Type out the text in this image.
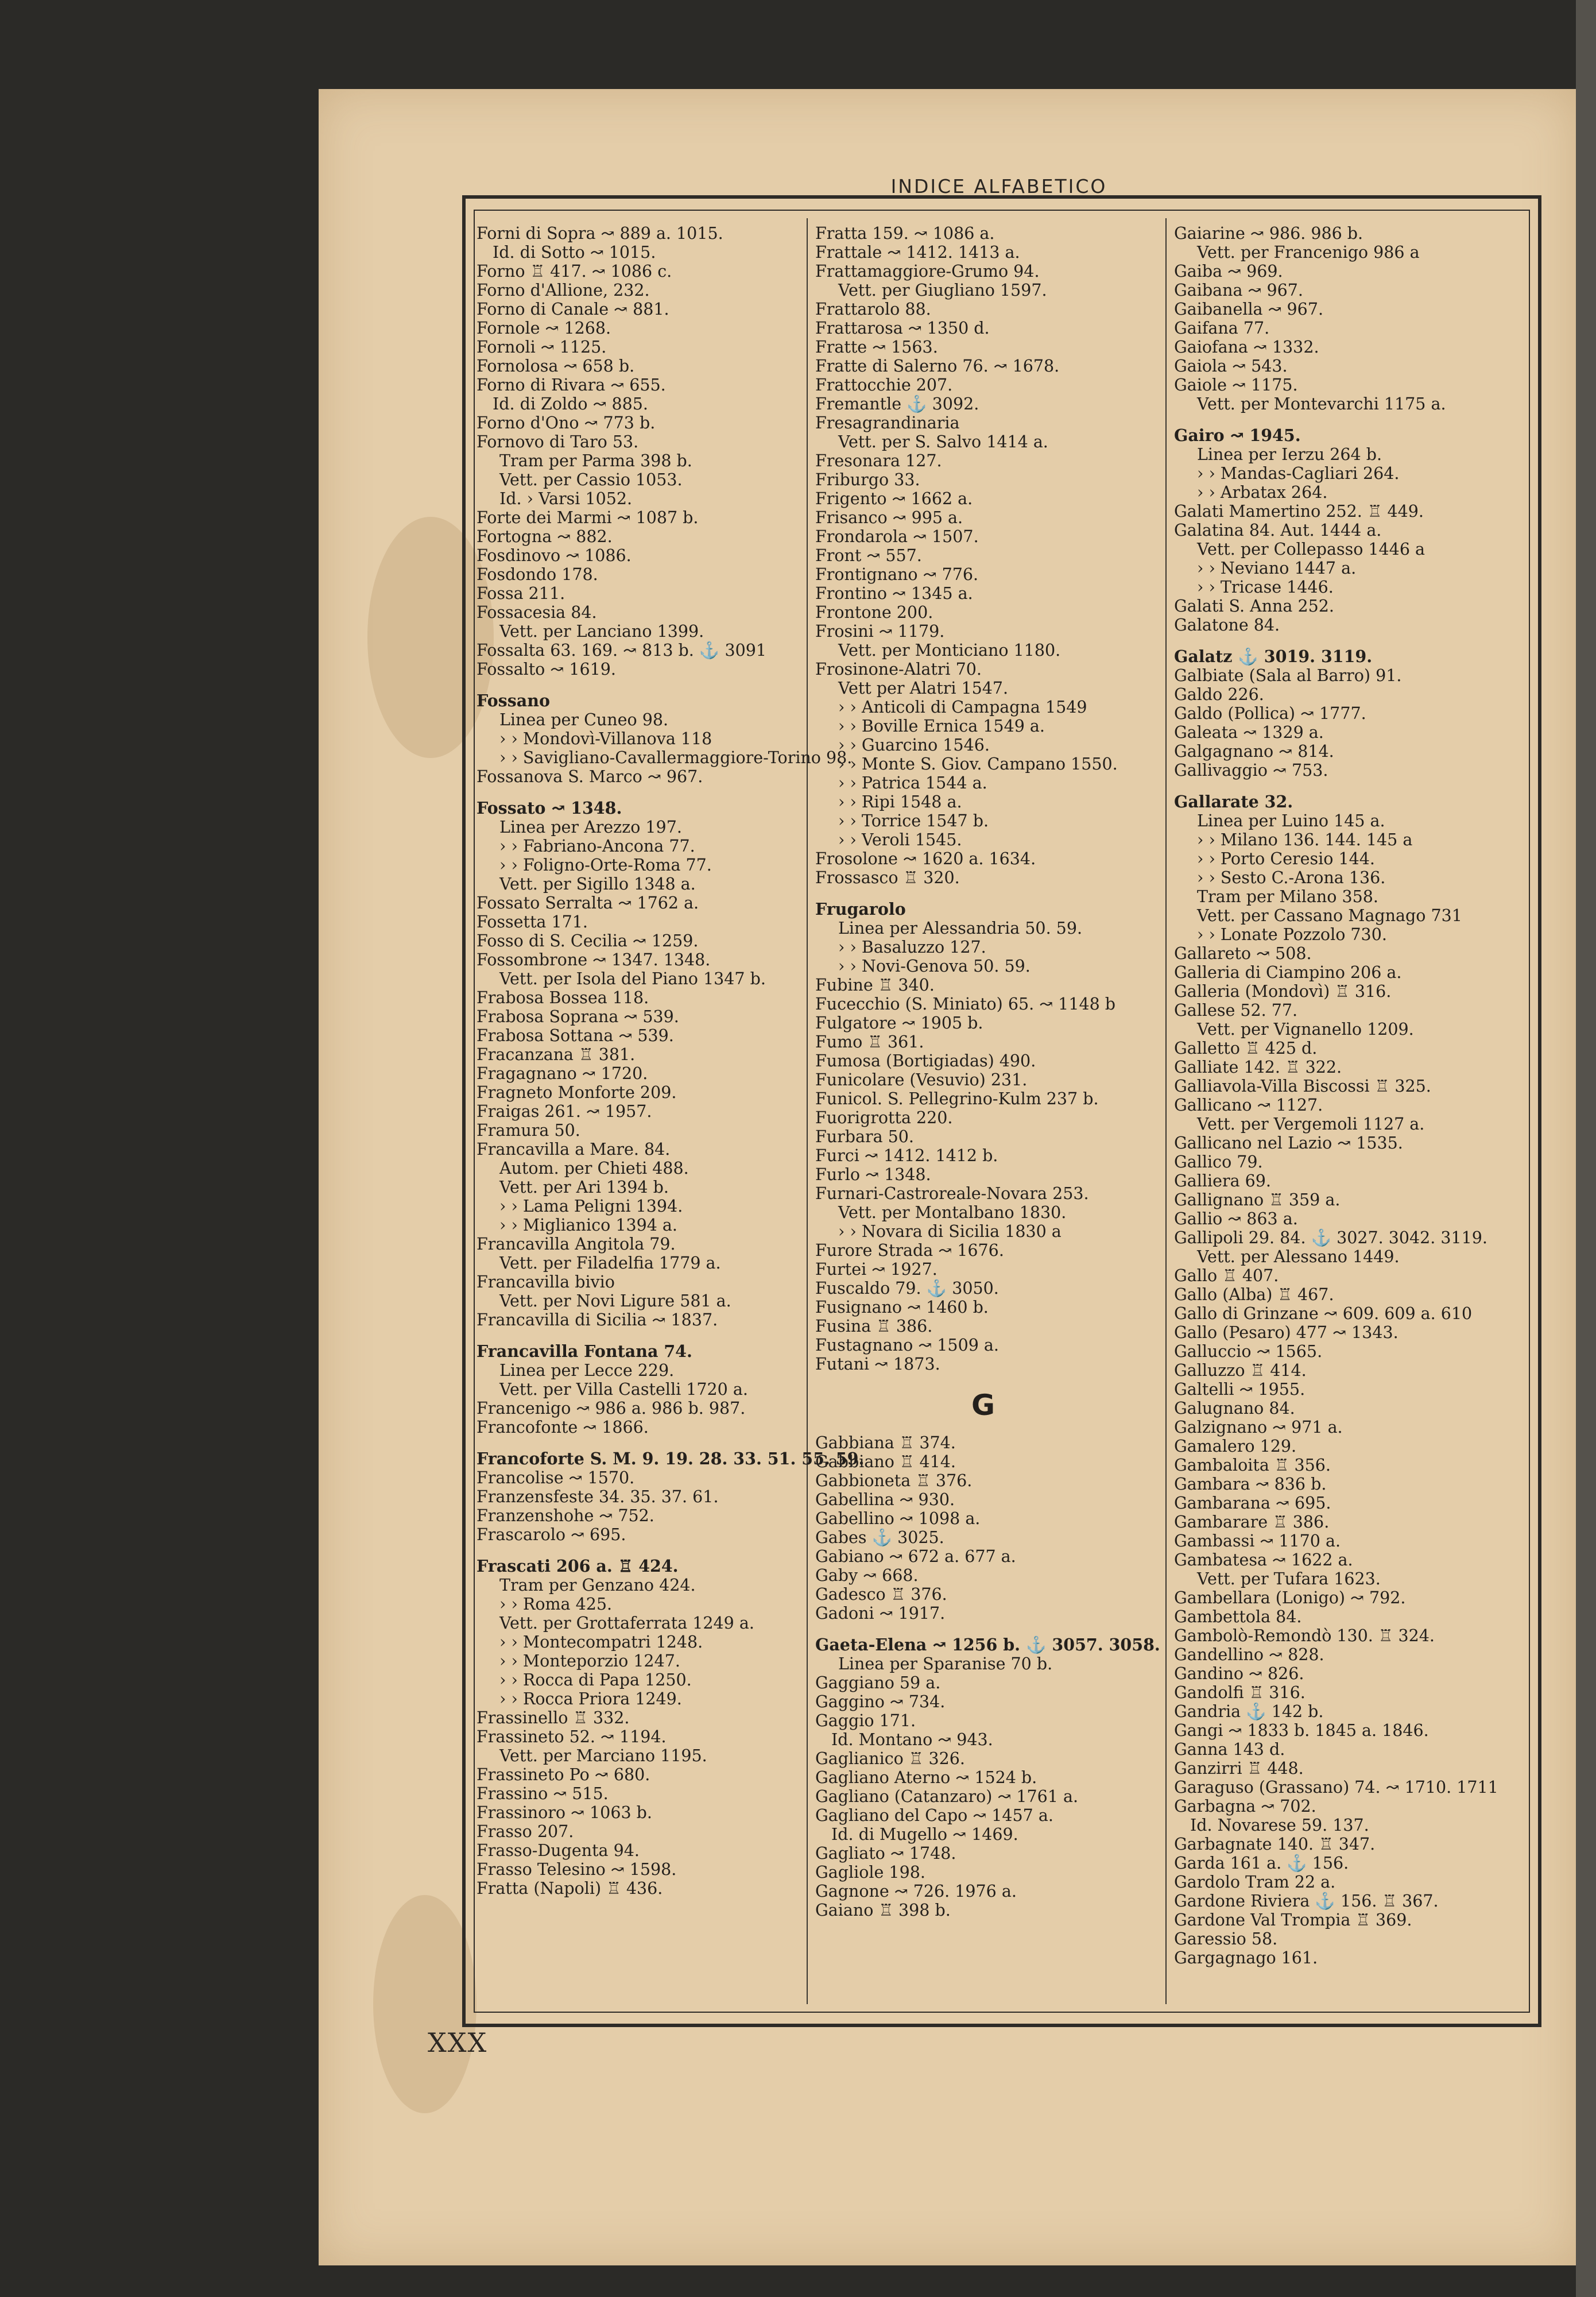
INDICE ALFABETICO
Forni di Sopra ↝ 889 a. 1015.
Id. di Sotto ↝ 1015.
Forno ♖ 417. ↝ 1086 c.
Forno d'Allione, 232.
Forno di Canale ↝ 881.
Fornole ↝ 1268.
Fornoli ↝ 1125.
Fornolosa ↝ 658 b.
Forno di Rivara ↝ 655.
Id. di Zoldo ↝ 885.
Forno d'Ono ↝ 773 b.
Fornovo di Taro 53.
Tram per Parma 398 b.
Vett. per Cassio 1053.
Id. › Varsi 1052.
Forte dei Marmi ↝ 1087 b.
Fortogna ↝ 882.
Fosdinovo ↝ 1086.
Fosdondo 178.
Fossa 211.
Fossacesia 84.
Vett. per Lanciano 1399.
Fossalta 63. 169. ↝ 813 b. ⚓ 3091
Fossalto ↝ 1619.
Fossano
Linea per Cuneo 98.
› › Mondovì-Villanova 118
› › Savigliano-Cavallermaggiore-Torino 98.
Fossanova S. Marco ↝ 967.
Fossato ↝ 1348.
Linea per Arezzo 197.
› › Fabriano-Ancona 77.
› › Foligno-Orte-Roma 77.
Vett. per Sigillo 1348 a.
Fossato Serralta ↝ 1762 a.
Fossetta 171.
Fosso di S. Cecilia ↝ 1259.
Fossombrone ↝ 1347. 1348.
Vett. per Isola del Piano 1347 b.
Frabosa Bossea 118.
Frabosa Soprana ↝ 539.
Frabosa Sottana ↝ 539.
Fracanzana ♖ 381.
Fragagnano ↝ 1720.
Fragneto Monforte 209.
Fraigas 261. ↝ 1957.
Framura 50.
Francavilla a Mare. 84.
Autom. per Chieti 488.
Vett. per Ari 1394 b.
› › Lama Peligni 1394.
› › Miglianico 1394 a.
Francavilla Angitola 79.
Vett. per Filadelfia 1779 a.
Francavilla bivio
Vett. per Novi Ligure 581 a.
Francavilla di Sicilia ↝ 1837.
Francavilla Fontana 74.
Linea per Lecce 229.
Vett. per Villa Castelli 1720 a.
Francenigo ↝ 986 a. 986 b. 987.
Francofonte ↝ 1866.
Francoforte S. M. 9. 19. 28. 33. 51. 55. 59.
Francolise ↝ 1570.
Franzensfeste 34. 35. 37. 61.
Franzenshohe ↝ 752.
Frascarolo ↝ 695.
Frascati 206 a. ♖ 424.
Tram per Genzano 424.
› › Roma 425.
Vett. per Grottaferrata 1249 a.
› › Montecompatri 1248.
› › Monteporzio 1247.
› › Rocca di Papa 1250.
› › Rocca Priora 1249.
Frassinello ♖ 332.
Frassineto 52. ↝ 1194.
Vett. per Marciano 1195.
Frassineto Po ↝ 680.
Frassino ↝ 515.
Frassinoro ↝ 1063 b.
Frasso 207.
Frasso-Dugenta 94.
Frasso Telesino ↝ 1598.
Fratta (Napoli) ♖ 436.
Fratta 159. ↝ 1086 a.
Frattale ↝ 1412. 1413 a.
Frattamaggiore-Grumo 94.
Vett. per Giugliano 1597.
Frattarolo 88.
Frattarosa ↝ 1350 d.
Fratte ↝ 1563.
Fratte di Salerno 76. ↝ 1678.
Frattocchie 207.
Fremantle ⚓ 3092.
Fresagrandinaria
Vett. per S. Salvo 1414 a.
Fresonara 127.
Friburgo 33.
Frigento ↝ 1662 a.
Frisanco ↝ 995 a.
Frondarola ↝ 1507.
Front ↝ 557.
Frontignano ↝ 776.
Frontino ↝ 1345 a.
Frontone 200.
Frosini ↝ 1179.
Vett. per Monticiano 1180.
Frosinone-Alatri 70.
Vett per Alatri 1547.
› › Anticoli di Campagna 1549
› › Boville Ernica 1549 a.
› › Guarcino 1546.
› › Monte S. Giov. Campano 1550.
› › Patrica 1544 a.
› › Ripi 1548 a.
› › Torrice 1547 b.
› › Veroli 1545.
Frosolone ↝ 1620 a. 1634.
Frossasco ♖ 320.
Frugarolo
Linea per Alessandria 50. 59.
› › Basaluzzo 127.
› › Novi-Genova 50. 59.
Fubine ♖ 340.
Fucecchio (S. Miniato) 65. ↝ 1148 b
Fulgatore ↝ 1905 b.
Fumo ♖ 361.
Fumosa (Bortigiadas) 490.
Funicolare (Vesuvio) 231.
Funicol. S. Pellegrino-Kulm 237 b.
Fuorigrotta 220.
Furbara 50.
Furci ↝ 1412. 1412 b.
Furlo ↝ 1348.
Furnari-Castroreale-Novara 253.
Vett. per Montalbano 1830.
› › Novara di Sicilia 1830 a
Furore Strada ↝ 1676.
Furtei ↝ 1927.
Fuscaldo 79. ⚓ 3050.
Fusignano ↝ 1460 b.
Fusina ♖ 386.
Fustagnano ↝ 1509 a.
Futani ↝ 1873.
G
Gabbiana ♖ 374.
Gabbiano ♖ 414.
Gabbioneta ♖ 376.
Gabellina ↝ 930.
Gabellino ↝ 1098 a.
Gabes ⚓ 3025.
Gabiano ↝ 672 a. 677 a.
Gaby ↝ 668.
Gadesco ♖ 376.
Gadoni ↝ 1917.
Gaeta-Elena ↝ 1256 b. ⚓ 3057. 3058.
Linea per Sparanise 70 b.
Gaggiano 59 a.
Gaggino ↝ 734.
Gaggio 171.
Id. Montano ↝ 943.
Gaglianico ♖ 326.
Gagliano Aterno ↝ 1524 b.
Gagliano (Catanzaro) ↝ 1761 a.
Gagliano del Capo ↝ 1457 a.
Id. di Mugello ↝ 1469.
Gagliato ↝ 1748.
Gagliole 198.
Gagnone ↝ 726. 1976 a.
Gaiano ♖ 398 b.
Gaiarine ↝ 986. 986 b.
Vett. per Francenigo 986 a
Gaiba ↝ 969.
Gaibana ↝ 967.
Gaibanella ↝ 967.
Gaifana 77.
Gaiofana ↝ 1332.
Gaiola ↝ 543.
Gaiole ↝ 1175.
Vett. per Montevarchi 1175 a.
Gairo ↝ 1945.
Linea per Ierzu 264 b.
› › Mandas-Cagliari 264.
› › Arbatax 264.
Galati Mamertino 252. ♖ 449.
Galatina 84. Aut. 1444 a.
Vett. per Collepasso 1446 a
› › Neviano 1447 a.
› › Tricase 1446.
Galati S. Anna 252.
Galatone 84.
Galatz ⚓ 3019. 3119.
Galbiate (Sala al Barro) 91.
Galdo 226.
Galdo (Pollica) ↝ 1777.
Galeata ↝ 1329 a.
Galgagnano ↝ 814.
Gallivaggio ↝ 753.
Gallarate 32.
Linea per Luino 145 a.
› › Milano 136. 144. 145 a
› › Porto Ceresio 144.
› › Sesto C.-Arona 136.
Tram per Milano 358.
Vett. per Cassano Magnago 731
› › Lonate Pozzolo 730.
Gallareto ↝ 508.
Galleria di Ciampino 206 a.
Galleria (Mondovì) ♖ 316.
Gallese 52. 77.
Vett. per Vignanello 1209.
Galletto ♖ 425 d.
Galliate 142. ♖ 322.
Galliavola-Villa Biscossi ♖ 325.
Gallicano ↝ 1127.
Vett. per Vergemoli 1127 a.
Gallicano nel Lazio ↝ 1535.
Gallico 79.
Galliera 69.
Gallignano ♖ 359 a.
Gallio ↝ 863 a.
Gallipoli 29. 84. ⚓ 3027. 3042. 3119.
Vett. per Alessano 1449.
Gallo ♖ 407.
Gallo (Alba) ♖ 467.
Gallo di Grinzane ↝ 609. 609 a. 610
Gallo (Pesaro) 477 ↝ 1343.
Galluccio ↝ 1565.
Galluzzo ♖ 414.
Galtelli ↝ 1955.
Galugnano 84.
Galzignano ↝ 971 a.
Gamalero 129.
Gambaloita ♖ 356.
Gambara ↝ 836 b.
Gambarana ↝ 695.
Gambarare ♖ 386.
Gambassi ↝ 1170 a.
Gambatesa ↝ 1622 a.
Vett. per Tufara 1623.
Gambellara (Lonigo) ↝ 792.
Gambettola 84.
Gambolò-Remondò 130. ♖ 324.
Gandellino ↝ 828.
Gandino ↝ 826.
Gandolfi ♖ 316.
Gandria ⚓ 142 b.
Gangi ↝ 1833 b. 1845 a. 1846.
Ganna 143 d.
Ganzirri ♖ 448.
Garaguso (Grassano) 74. ↝ 1710. 1711
Garbagna ↝ 702.
Id. Novarese 59. 137.
Garbagnate 140. ♖ 347.
Garda 161 a. ⚓ 156.
Gardolo Tram 22 a.
Gardone Riviera ⚓ 156. ♖ 367.
Gardone Val Trompia ♖ 369.
Garessio 58.
Gargagnago 161.
XXX
